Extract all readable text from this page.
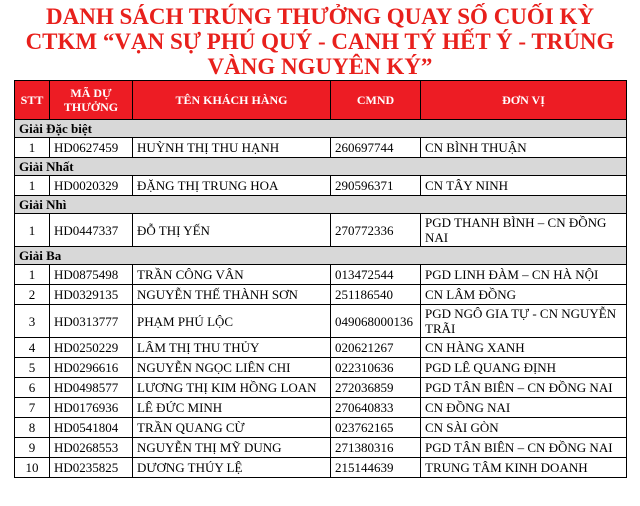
DANH SÁCH TRÚNG THƯỞNG QUAY SỐ CUỐI KỲ
CTKM “VẠN SỰ PHÚ QUÝ - CANH TÝ HẾT Ý - TRÚNG
VÀNG NGUYÊN KÝ”
STT	MÃ DỰ THƯỞNG	TÊN KHÁCH HÀNG	CMND	ĐƠN VỊ
Giải Đặc biệt				
1	HD0627459	HUỲNH THỊ THU HẠNH	260697744	CN BÌNH THUẬN
Giải Nhất				
1	HD0020329	ĐẶNG THỊ TRUNG HOA	290596371	CN TÂY NINH
Giải Nhì				
1	HD0447337	ĐỖ THỊ YẾN	270772336	PGD THANH BÌNH – CN ĐỒNG NAI
Giải Ba				
1	HD0875498	TRẦN CÔNG VÂN	013472544	PGD LINH ĐÀM – CN HÀ NỘI
2	HD0329135	NGUYỄN THẾ THÀNH SƠN	251186540	CN LÂM ĐỒNG
3	HD0313777	PHẠM PHÚ LỘC	049068000136	PGD NGÔ GIA TỰ - CN NGUYỄN TRÃI
4	HD0250229	LÂM THỊ THU THỦY	020621267	CN HÀNG XANH
5	HD0296616	NGUYỄN NGỌC LIÊN CHI	022310636	PGD LÊ QUANG ĐỊNH
6	HD0498577	LƯƠNG THỊ KIM HỒNG LOAN	272036859	PGD TÂN BIÊN – CN ĐỒNG NAI
7	HD0176936	LÊ ĐỨC MINH	270640833	CN ĐỒNG NAI
8	HD0541804	TRẦN QUANG CỪ	023762165	CN SÀI GÒN
9	HD0268553	NGUYỄN THỊ MỸ DUNG	271380316	PGD TÂN BIÊN – CN ĐỒNG NAI
10	HD0235825	DƯƠNG THÚY LỆ	215144639	TRUNG TÂM KINH DOANH
